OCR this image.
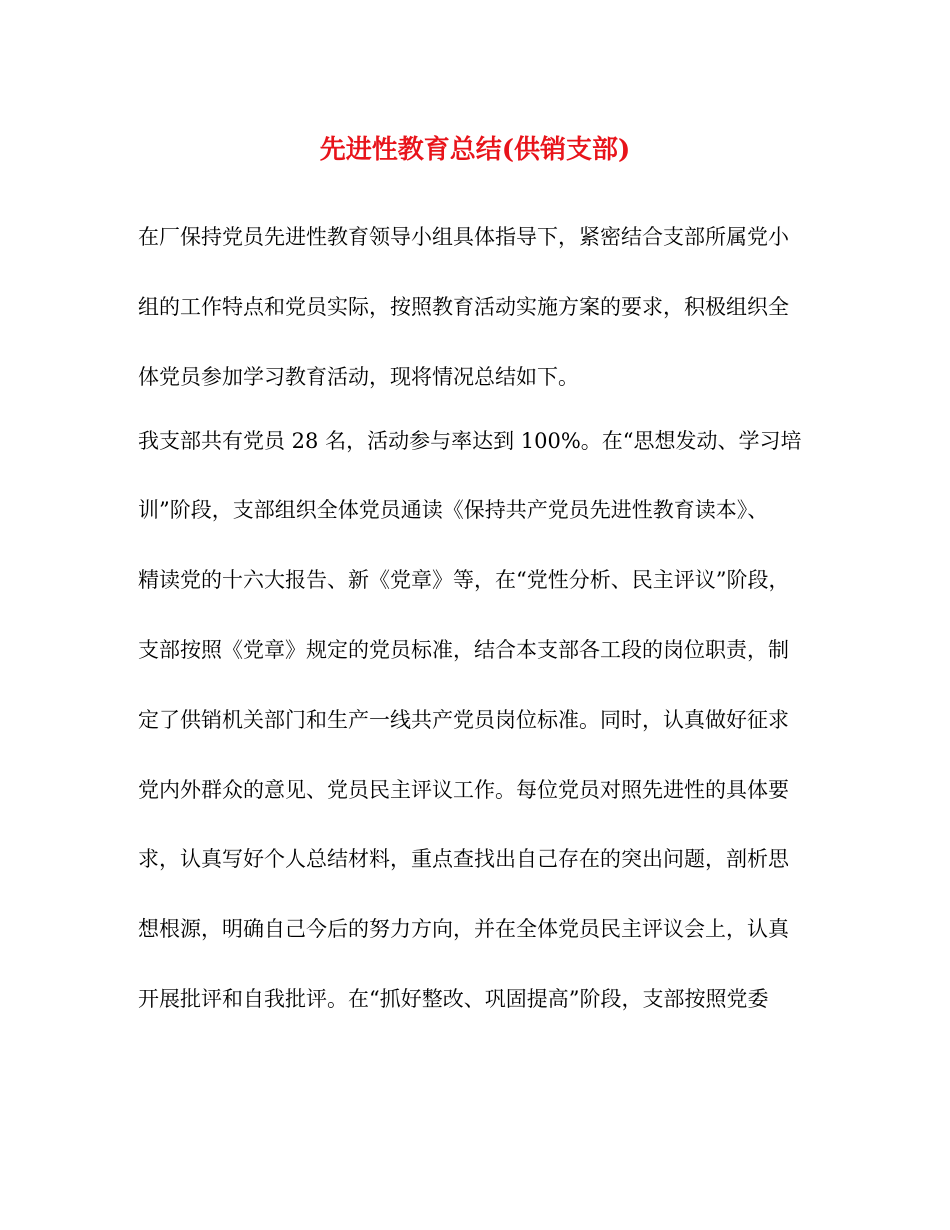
先进性教育总结(供销支部)
在厂保持党员先进性教育领导小组具体指导下，紧密结合支部所属党小
组的工作特点和党员实际，按照教育活动实施方案的要求，积极组织全
体党员参加学习教育活动，现将情况总结如下。
我支部共有党员 28 名，活动参与率达到 100%。在“思想发动、学习培
训”阶段，支部组织全体党员通读《保持共产党员先进性教育读本》、
精读党的十六大报告、新《党章》等，在“党性分析、民主评议”阶段，
支部按照《党章》规定的党员标准，结合本支部各工段的岗位职责，制
定了供销机关部门和生产一线共产党员岗位标准。同时，认真做好征求
党内外群众的意见、党员民主评议工作。每位党员对照先进性的具体要
求，认真写好个人总结材料，重点查找出自己存在的突出问题，剖析思
想根源，明确自己今后的努力方向，并在全体党员民主评议会上，认真
开展批评和自我批评。在“抓好整改、巩固提高”阶段，支部按照党委
